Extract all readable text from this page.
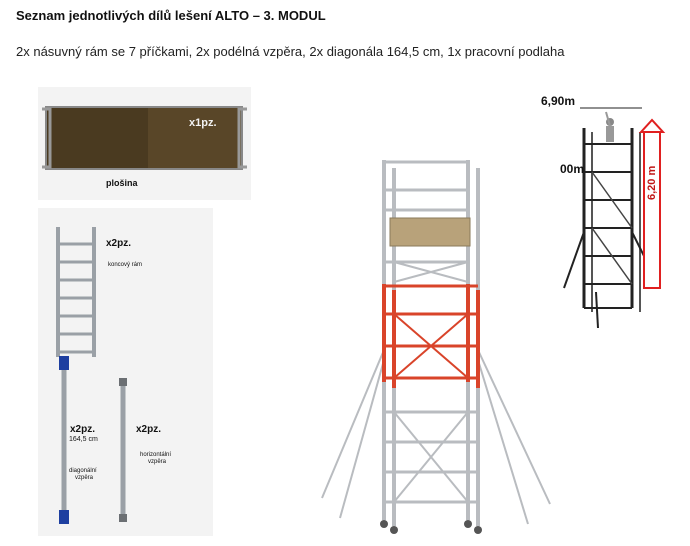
Seznam jednotlivých dílů lešení ALTO – 3. MODUL
2x násuvný rám se 7 příčkami, 2x podélná vzpěra, 2x diagonála 164,5 cm, 1x pracovní podlaha
x1pz.
plošina
x2pz.
koncový rám
x2pz.
164,5 cm
diagonální
vzpěra
x2pz.
horizontální
vzpěra
6,90m
00m	6,20 m
